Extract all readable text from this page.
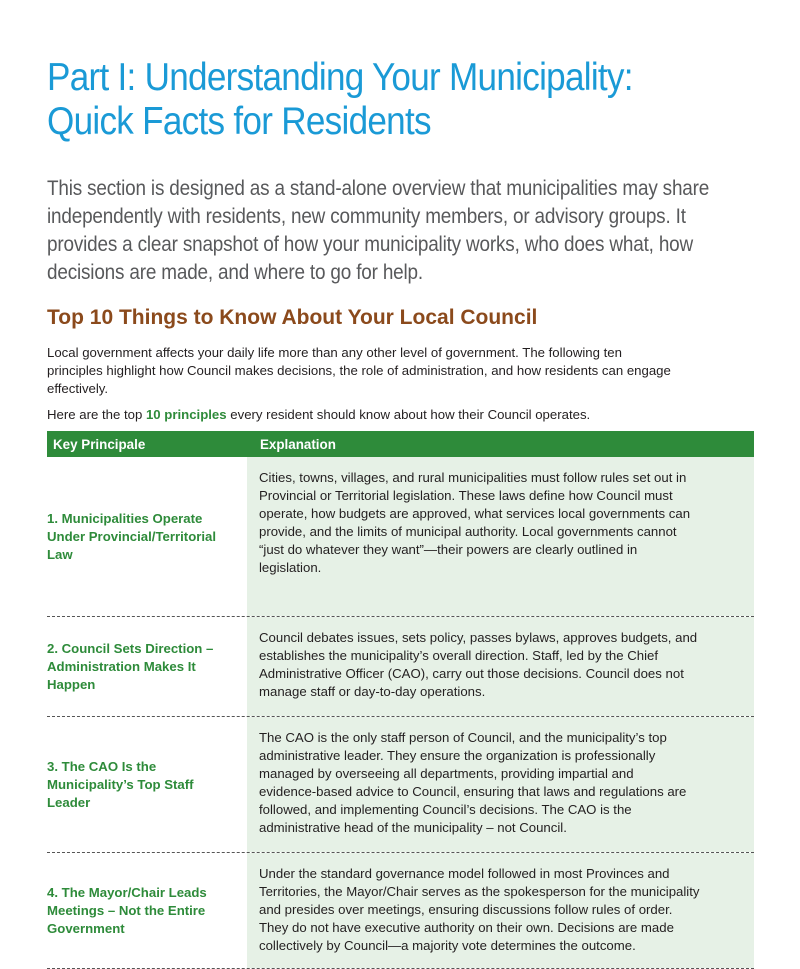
Part I: Understanding Your Municipality:
Quick Facts for Residents
This section is designed as a stand-alone overview that municipalities may share
independently with residents, new community members, or advisory groups. It
provides a clear snapshot of how your municipality works, who does what, how
decisions are made, and where to go for help.
Top 10 Things to Know About Your Local Council
Local government affects your daily life more than any other level of government. The following ten
principles highlight how Council makes decisions, the role of administration, and how residents can engage
effectively.

Here are the top 10 principles every resident should know about how their Council operates.

Key Principale	Explanation
1. Municipalities Operate
Under Provincial/Territorial
Law
Cities, towns, villages, and rural municipalities must follow rules set out in
Provincial or Territorial legislation. These laws define how Council must
operate, how budgets are approved, what services local governments can
provide, and the limits of municipal authority. Local governments cannot
“just do whatever they want”—their powers are clearly outlined in
legislation.
2. Council Sets Direction –
Administration Makes It
Happen
Council debates issues, sets policy, passes bylaws, approves budgets, and
establishes the municipality’s overall direction. Staff, led by the Chief
Administrative Officer (CAO), carry out those decisions. Council does not
manage staff or day-to-day operations.
3. The CAO Is the
Municipality’s Top Staff
Leader
The CAO is the only staff person of Council, and the municipality’s top
administrative leader. They ensure the organization is professionally
managed by overseeing all departments, providing impartial and
evidence-based advice to Council, ensuring that laws and regulations are
followed, and implementing Council’s decisions. The CAO is the
administrative head of the municipality – not Council.
4. The Mayor/Chair Leads
Meetings – Not the Entire
Government
Under the standard governance model followed in most Provinces and
Territories, the Mayor/Chair serves as the spokesperson for the municipality
and presides over meetings, ensuring discussions follow rules of order.
They do not have executive authority on their own. Decisions are made
collectively by Council—a majority vote determines the outcome.
